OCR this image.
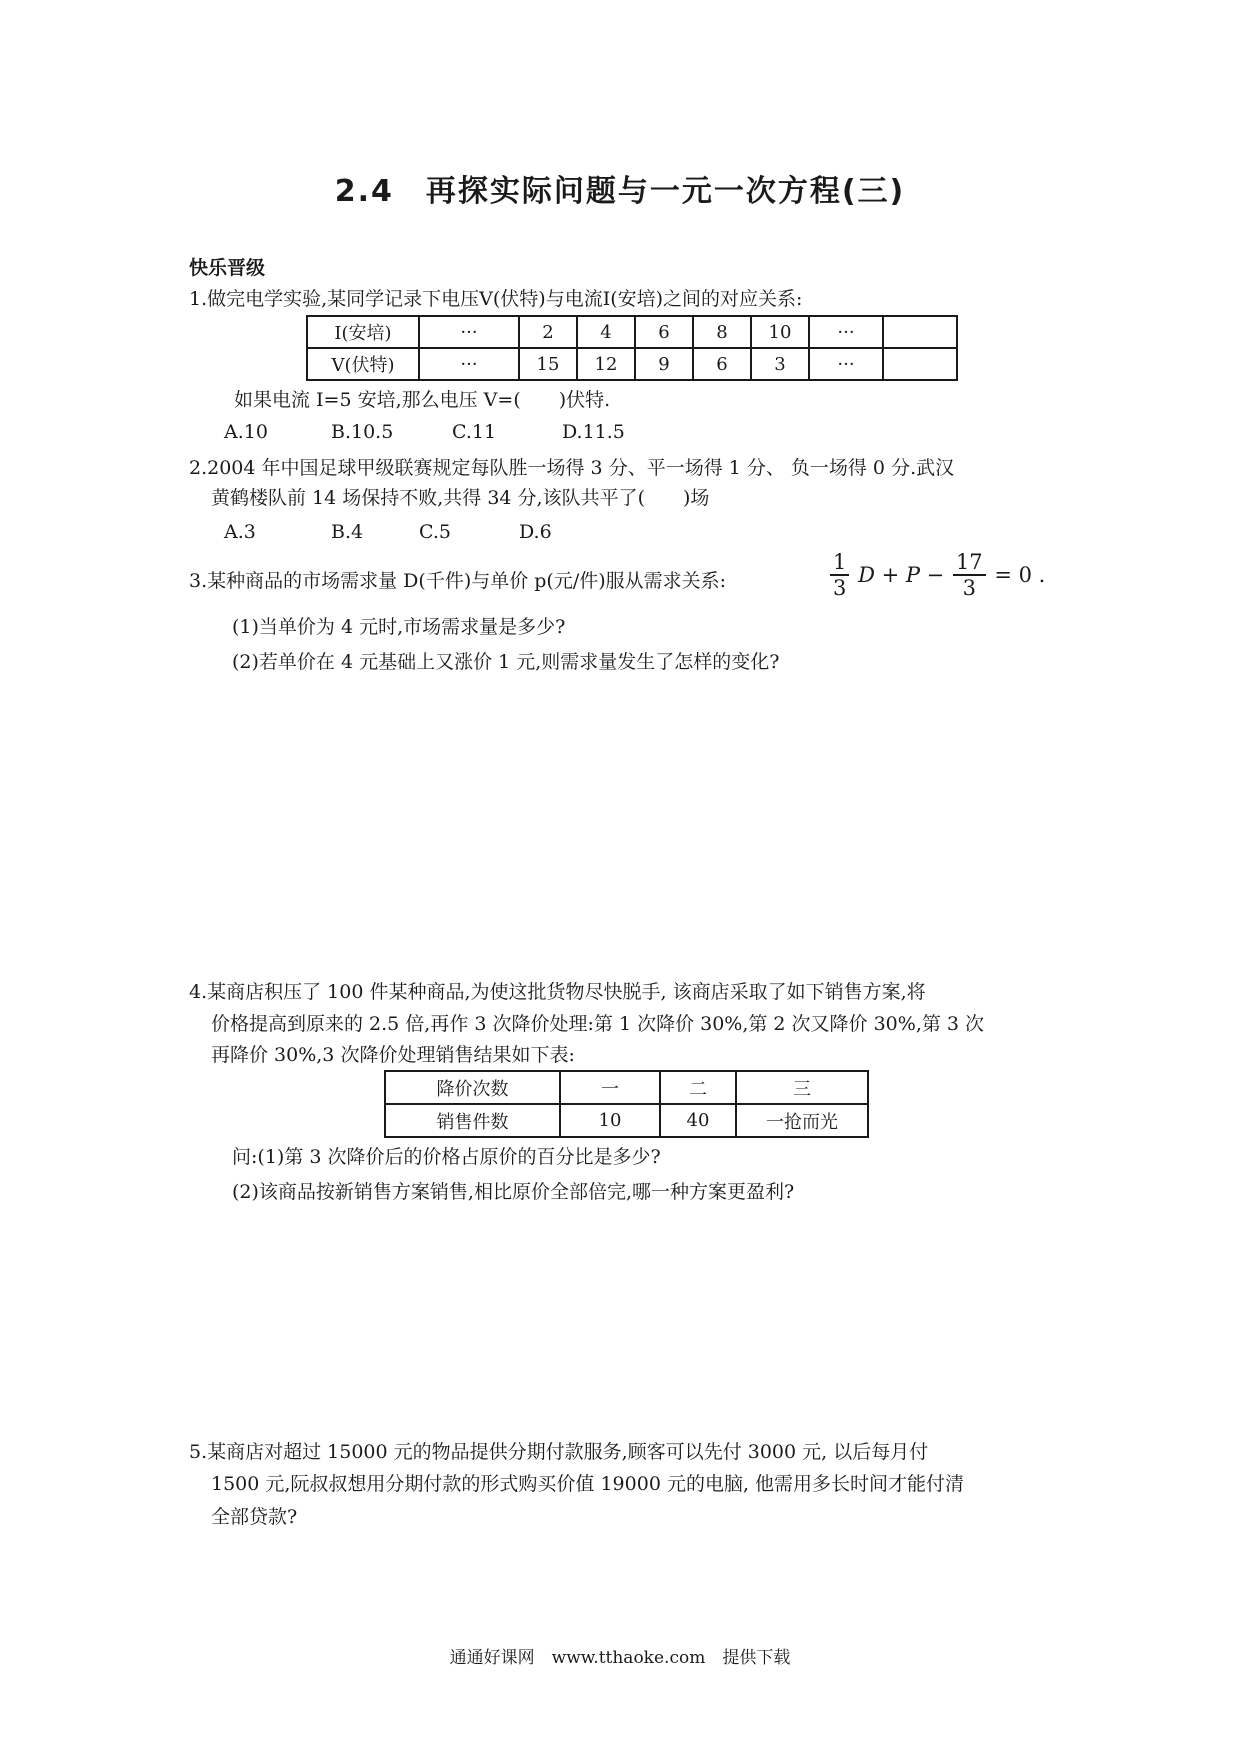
2.4　再探实际问题与一元一次方程(三)
快乐晋级
1.做完电学实验,某同学记录下电压V(伏特)与电流I(安培)之间的对应关系:
I(安培)	···	2	4	6	8	10	···	
V(伏特)	···	15	12	9	6	3	···	
如果电流 I=5 安培,那么电压 V=(　　)伏特.
A.10	B.10.5	C.11	D.11.5
2.2004 年中国足球甲级联赛规定每队胜一场得 3 分、平一场得 1 分、 负一场得 0 分.武汉
黄鹤楼队前 14 场保持不败,共得 34 分,该队共平了(　　)场
A.3	B.4	C.5	D.6
3.某种商品的市场需求量 D(千件)与单价 p(元/件)服从需求关系:	$\frac{1}{3}$ $D + P - \frac{17}{3} = 0$ .
(1)当单价为 4 元时,市场需求量是多少?
(2)若单价在 4 元基础上又涨价 1 元,则需求量发生了怎样的变化?
4.某商店积压了 100 件某种商品,为使这批货物尽快脱手, 该商店采取了如下销售方案,将
价格提高到原来的 2.5 倍,再作 3 次降价处理:第 1 次降价 30%,第 2 次又降价 30%,第 3 次
再降价 30%,3 次降价处理销售结果如下表:
降价次数	一	二	三
销售件数	10	40	一抢而光
问:(1)第 3 次降价后的价格占原价的百分比是多少?
(2)该商品按新销售方案销售,相比原价全部倍完,哪一种方案更盈利?
5.某商店对超过 15000 元的物品提供分期付款服务,顾客可以先付 3000 元, 以后每月付
1500 元,阮叔叔想用分期付款的形式购买价值 19000 元的电脑, 他需用多长时间才能付清
全部贷款?
通通好课网　www.tthaoke.com　提供下载
